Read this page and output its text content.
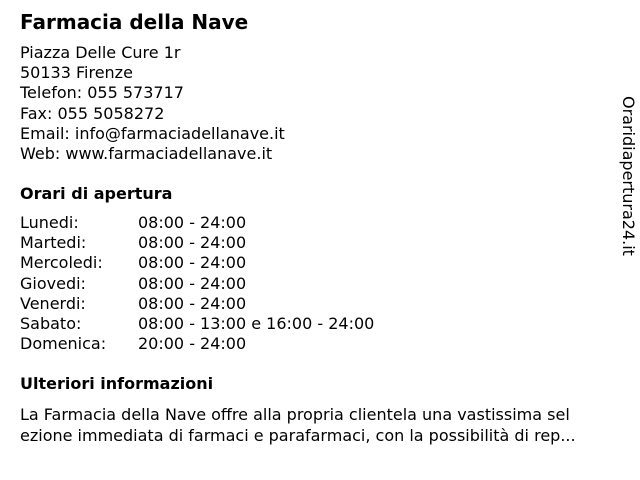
Farmacia della Nave
Piazza Delle Cure 1r
50133 Firenze
Telefon: 055 573717
Fax: 055 5058272
Email: info@farmaciadellanave.it
Web: www.farmaciadellanave.it
Orari di apertura
Lunedi:	08:00 - 24:00
Martedi:	08:00 - 24:00
Mercoledi: 08:00 - 24:00
Giovedi:	08:00 - 24:00
Venerdi:	08:00 - 24:00
Sabato:	08:00 - 13:00 e 16:00 - 24:00
Domenica: 20:00 - 24:00
Ulteriori informazioni
La Farmacia della Nave offre alla propria clientela una vastissima sel
ezione immediata di farmaci e parafarmaci, con la possibilità di rep...
Oraridiapertura24.it
